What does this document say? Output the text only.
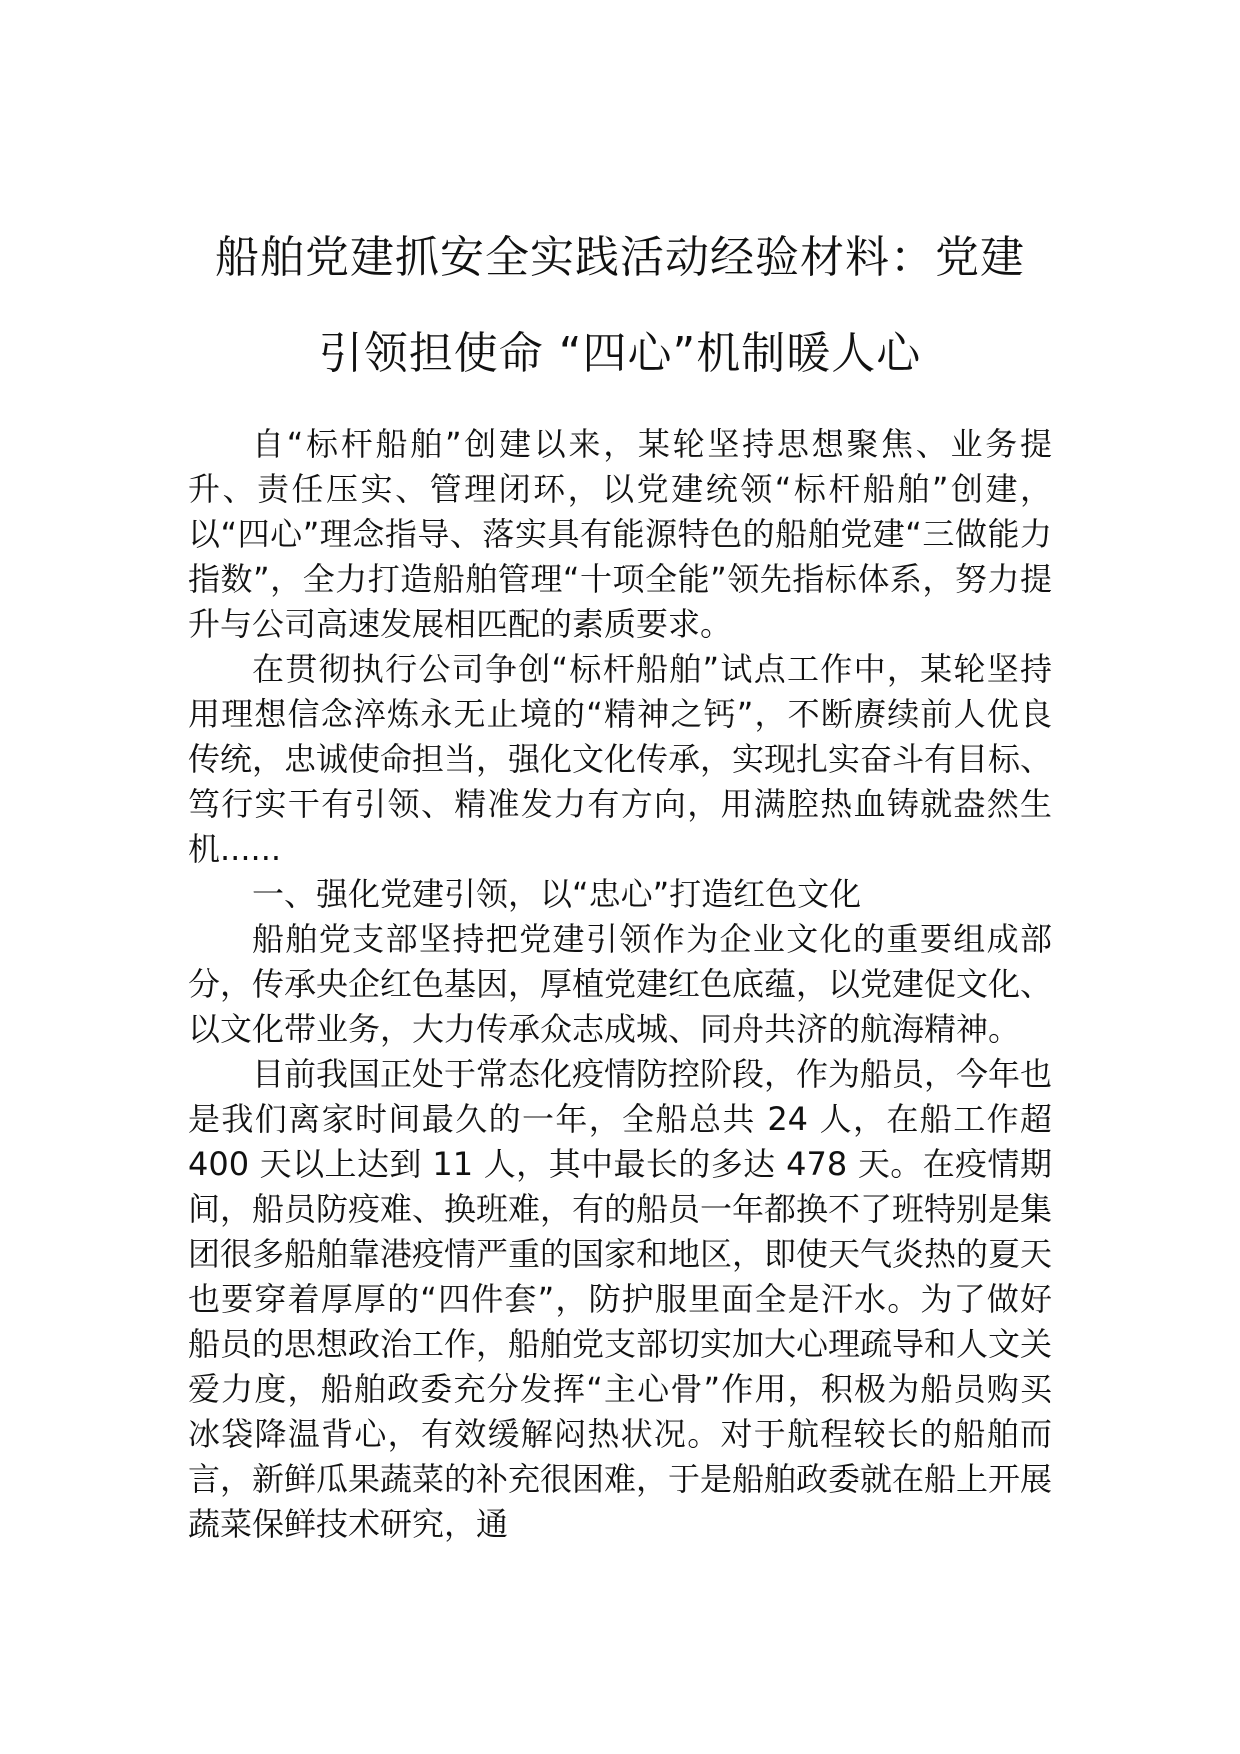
船舶党建抓安全实践活动经验材料：党建
引领担使命 “四心”机制暖人心

自“标杆船舶”创建以来，某轮坚持思想聚焦、业务提升、责任压实、管理闭环，以党建统领“标杆船舶”创建，以“四心”理念指导、落实具有能源特色的船舶党建“三做能力指数”，全力打造船舶管理“十项全能”领先指标体系，努力提升与公司高速发展相匹配的素质要求。

在贯彻执行公司争创“标杆船舶”试点工作中，某轮坚持用理想信念淬炼永无止境的“精神之钙”，不断赓续前人优良传统，忠诚使命担当，强化文化传承，实现扎实奋斗有目标、笃行实干有引领、精准发力有方向，用满腔热血铸就盎然生机......

一、强化党建引领，以“忠心”打造红色文化

船舶党支部坚持把党建引领作为企业文化的重要组成部分，传承央企红色基因，厚植党建红色底蕴，以党建促文化、以文化带业务，大力传承众志成城、同舟共济的航海精神。

目前我国正处于常态化疫情防控阶段，作为船员，今年也是我们离家时间最久的一年，全船总共 24 人，在船工作超 400 天以上达到 11 人，其中最长的多达 478 天。在疫情期间，船员防疫难、换班难，有的船员一年都换不了班特别是集团很多船舶靠港疫情严重的国家和地区，即使天气炎热的夏天也要穿着厚厚的“四件套”，防护服里面全是汗水。为了做好船员的思想政治工作，船舶党支部切实加大心理疏导和人文关爱力度，船舶政委充分发挥“主心骨”作用，积极为船员购买冰袋降温背心，有效缓解闷热状况。对于航程较长的船舶而言，新鲜瓜果蔬菜的补充很困难，于是船舶政委就在船上开展蔬菜保鲜技术研究，通
